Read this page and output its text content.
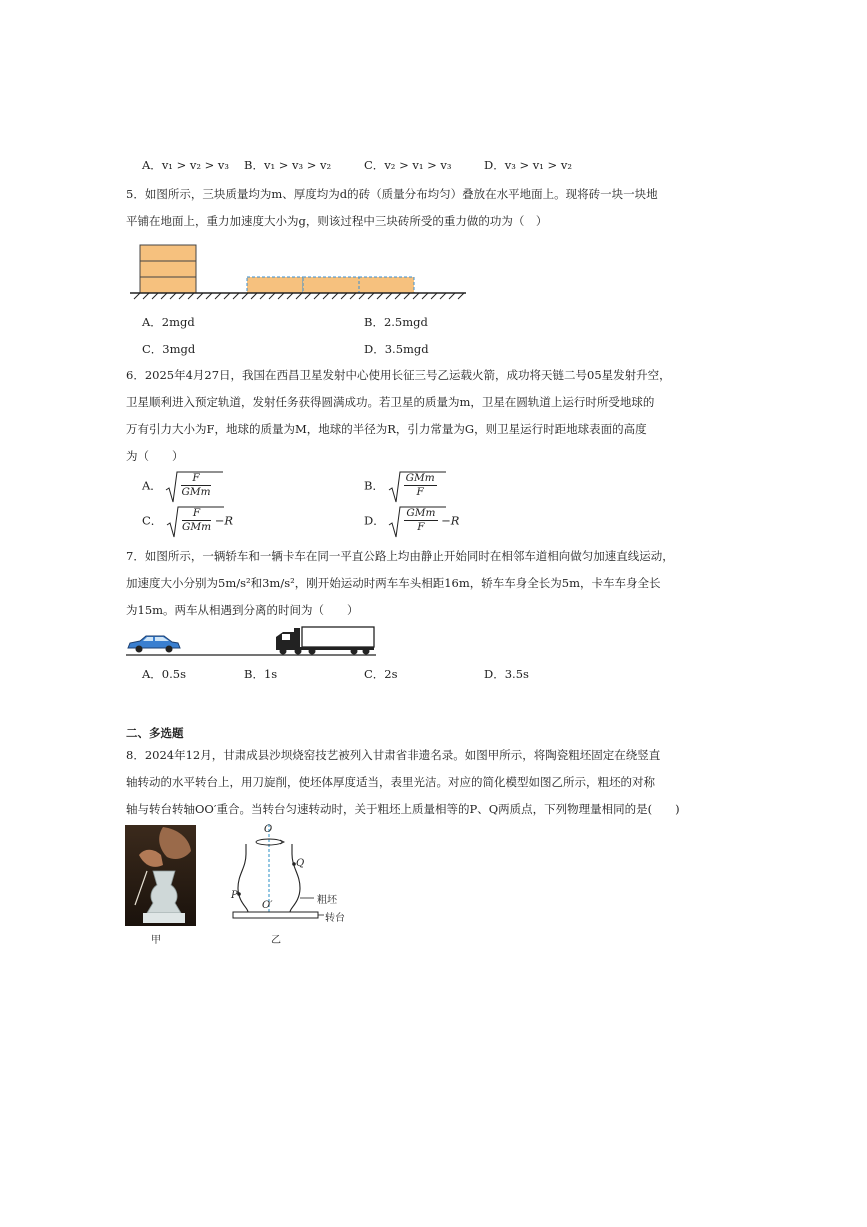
A．v₁ > v₂ > v₃ B．v₁ > v₃ > v₂	C．v₂ > v₁ > v₃	D．v₃ > v₁ > v₂
5．如图所示，三块质量均为m、厚度均为d的砖（质量分布均匀）叠放在水平地面上。现将砖一块一块地
平铺在地面上，重力加速度大小为g，则该过程中三块砖所受的重力做的功为（　）
A．2mgd	B．2.5mgd
C．3mgd	D．3.5mgd
6．2025年4月27日，我国在西昌卫星发射中心使用长征三号乙运载火箭，成功将天链二号05星发射升空，
卫星顺利进入预定轨道，发射任务获得圆满成功。若卫星的质量为m，卫星在圆轨道上运行时所受地球的
万有引力大小为F，地球的质量为M，地球的半径为R，引力常量为G，则卫星运行时距地球表面的高度
为（　　）
A． $\frac{F}{\text{GMm}}$	B． $\frac{\text{GMm}}{F}$
C． $\frac{F}{\text{GMm}} -R$	D． $\frac{\text{GMm}}{F} -R$
7．如图所示，一辆轿车和一辆卡车在同一平直公路上均由静止开始同时在相邻车道相向做匀加速直线运动，
加速度大小分别为5m/s²和3m/s²，刚开始运动时两车车头相距16m，轿车车身全长为5m，卡车车身全长
为15m。两车从相遇到分离的时间为（　　）
A．0.5s	B．1s	C．2s	D．3.5s
二、多选题
8．2024年12月，甘肃成县沙坝烧窑技艺被列入甘肃省非遗名录。如图甲所示，将陶瓷粗坯固定在绕竖直
轴转动的水平转台上，用刀旋削，使坯体厚度适当，表里光洁。对应的简化模型如图乙所示，粗坯的对称
轴与转台转轴OO′重合。当转台匀速转动时，关于粗坯上质量相等的P、Q两质点，下列物理量相同的是(　　)
甲
O
O′
P
Q
粗坯
转台
乙
